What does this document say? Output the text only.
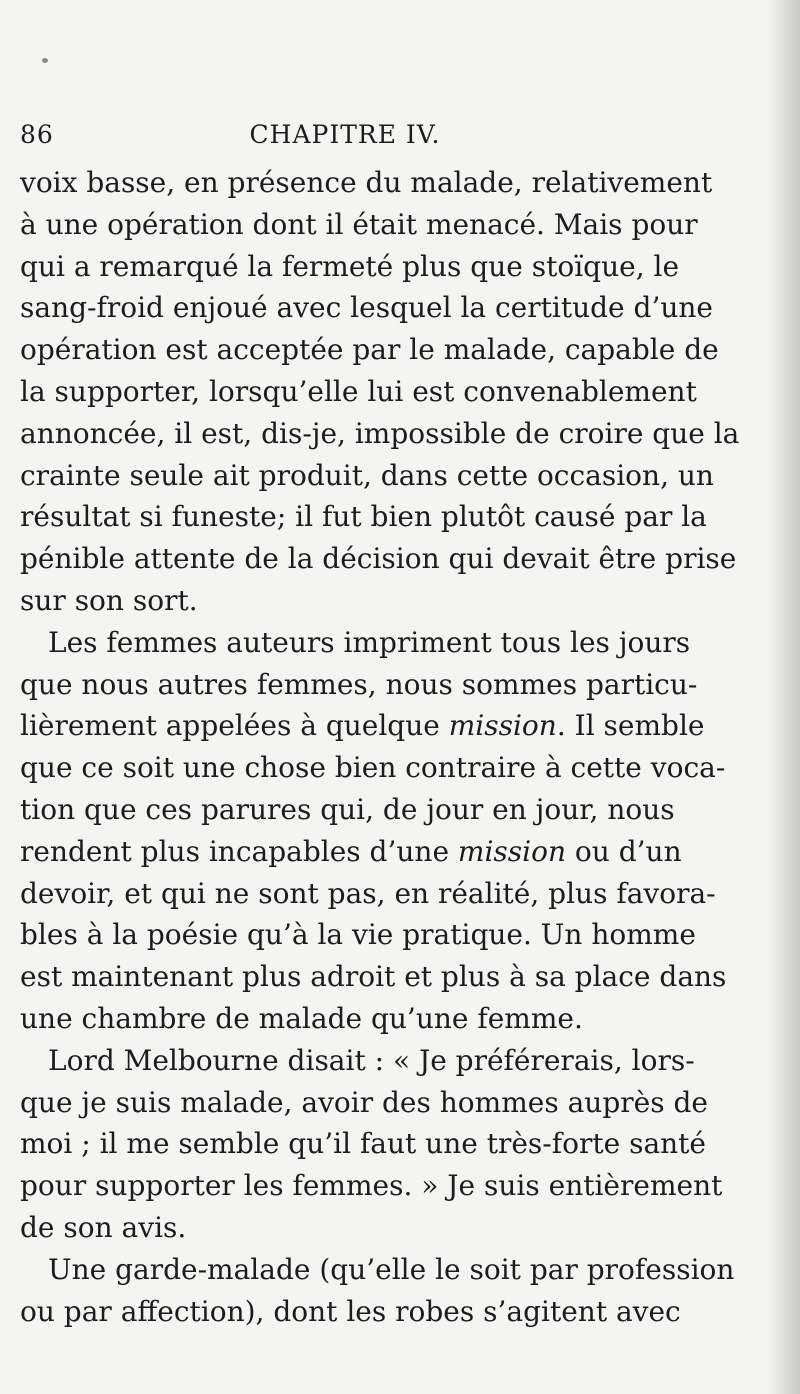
86	CHAPITRE IV.
voix basse, en présence du malade, relativement
à une opération dont il était menacé. Mais pour
qui a remarqué la fermeté plus que stoïque, le
sang-froid enjoué avec lesquel la certitude d’une
opération est acceptée par le malade, capable de
la supporter, lorsqu’elle lui est convenablement
annoncée, il est, dis-je, impossible de croire que la
crainte seule ait produit, dans cette occasion, un
résultat si funeste; il fut bien plutôt causé par la
pénible attente de la décision qui devait être prise
sur son sort.
Les femmes auteurs impriment tous les jours
que nous autres femmes, nous sommes particu-
lièrement appelées à quelque mission. Il semble
que ce soit une chose bien contraire à cette voca-
tion que ces parures qui, de jour en jour, nous
rendent plus incapables d’une mission ou d’un
devoir, et qui ne sont pas, en réalité, plus favora-
bles à la poésie qu’à la vie pratique. Un homme
est maintenant plus adroit et plus à sa place dans
une chambre de malade qu’une femme.
Lord Melbourne disait : « Je préférerais, lors-
que je suis malade, avoir des hommes auprès de
moi ; il me semble qu’il faut une très-forte santé
pour supporter les femmes. » Je suis entièrement
de son avis.
Une garde-malade (qu’elle le soit par profession
ou par affection), dont les robes s’agitent avec
